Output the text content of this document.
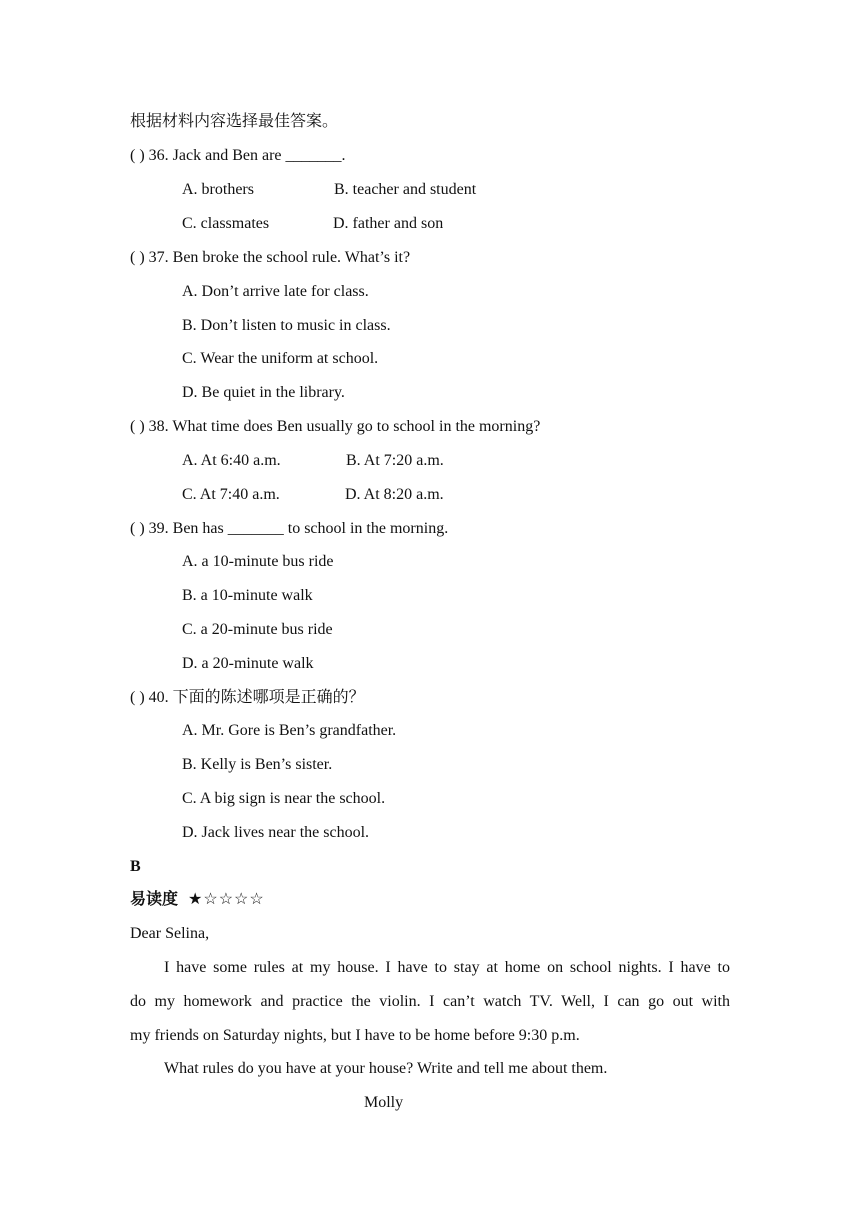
根据材料内容选择最佳答案。
( ) 36. Jack and Ben are _______.
A. brothers	B. teacher and student
C. classmates	D. father and son
( ) 37. Ben broke the school rule. What’s it?
A. Don’t arrive late for class.
B. Don’t listen to music in class.
C. Wear the uniform at school.
D. Be quiet in the library.
( ) 38. What time does Ben usually go to school in the morning?
A. At 6:40 a.m.	B. At 7:20 a.m.
C. At 7:40 a.m.	D. At 8:20 a.m.
( ) 39. Ben has _______ to school in the morning.
A. a 10-minute bus ride
B. a 10-minute walk
C. a 20-minute bus ride
D. a 20-minute walk
( ) 40. 下面的陈述哪项是正确的？
A. Mr. Gore is Ben’s grandfather.
B. Kelly is Ben’s sister.
C. A big sign is near the school.
D. Jack lives near the school.
B
易读度 ★☆☆☆☆
Dear Selina,
I have some rules at my house. I have to stay at home on school nights. I have to
do my homework and practice the violin. I can’t watch TV. Well, I can go out with
my friends on Saturday nights, but I have to be home before 9:30 p.m.
What rules do you have at your house? Write and tell me about them.
Molly
